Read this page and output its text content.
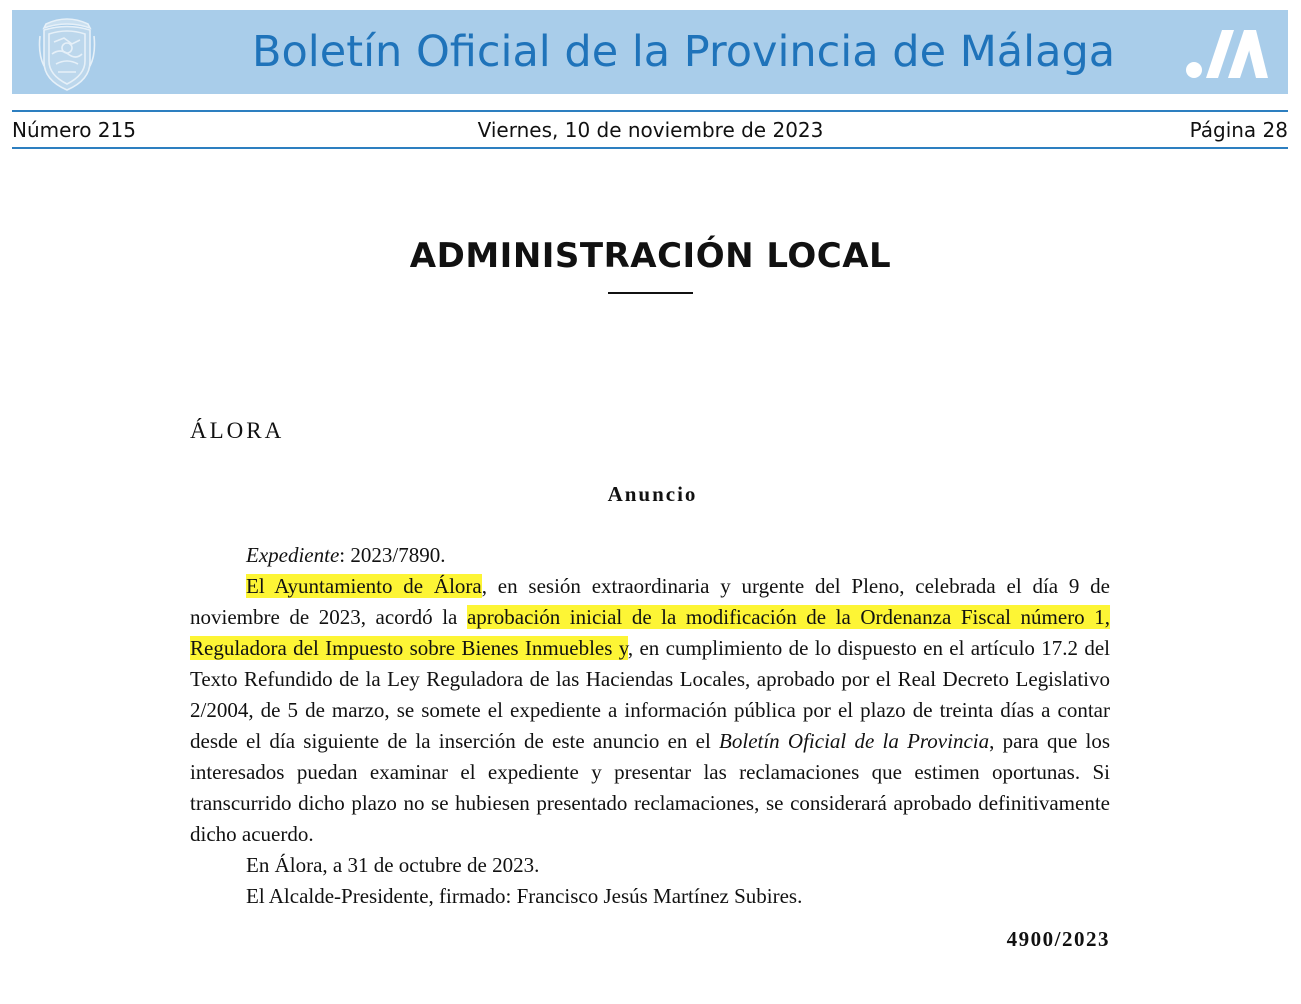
Boletín Oficial de la Provincia de Málaga
Número 215	Viernes, 10 de noviembre de 2023	Página 28
ADMINISTRACIÓN LOCAL
ÁLORA
Anuncio

Expediente: 2023/7890.

El Ayuntamiento de Álora, en sesión extraordinaria y urgente del Pleno, celebrada el día 9 de noviembre de 2023, acordó la aprobación inicial de la modificación de la Ordenanza Fiscal número 1, Reguladora del Impuesto sobre Bienes Inmuebles y, en cumplimiento de lo dispuesto en el artículo 17.2 del Texto Refundido de la Ley Reguladora de las Haciendas Locales, aprobado por el Real Decreto Legislativo 2/2004, de 5 de marzo, se somete el expediente a información pública por el plazo de treinta días a contar desde el día siguiente de la inserción de este anuncio en el Boletín Oficial de la Provincia, para que los interesados puedan examinar el expediente y presentar las reclamaciones que estimen oportunas. Si transcurrido dicho plazo no se hubiesen presentado reclamaciones, se considerará aprobado definitivamente dicho acuerdo.

En Álora, a 31 de octubre de 2023.

El Alcalde-Presidente, firmado: Francisco Jesús Martínez Subires.

4900/2023
